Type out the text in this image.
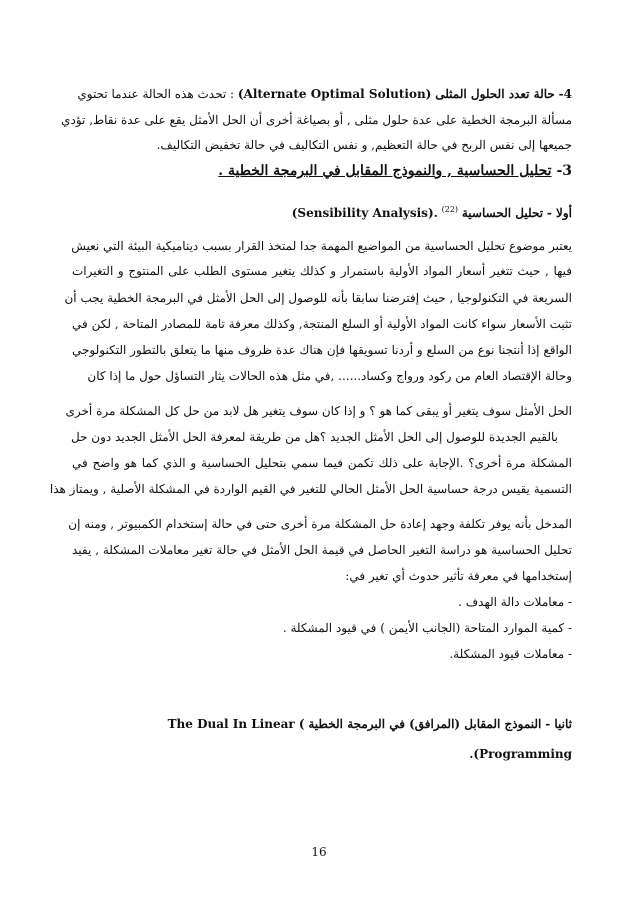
4- حالة تعدد الحلول المثلى (Alternate Optimal Solution) : تحدث هذه الحالة عندما تحتوي
مسألة البرمجة الخطية على عدة حلول مثلى , أو بصياغة أخرى أن الحل الأمثل يقع على عدة نقاط, تؤدي
جميعها إلى نفس الربح في حالة التعظيم, و نفس التكاليف في حالة تخفيض التكاليف.
3- تحليل الحساسية , والنموذج المقابل في البرمجة الخطية .
أولا - تحليل الحساسية $^{(22)}$ (Sensibility Analysis).
يعتبر موضوع تحليل الحساسية من المواضيع المهمة جدا لمتخذ القرار بسبب ديناميكية البيئة التي نعيش
فيها , حيث تتغير أسعار المواد الأولية باستمرار و كذلك يتغير مستوى الطلب على المنتوج و التغيرات
السريعة في التكنولوجيا , حيث إفترضنا سابقا بأنه للوصول إلى الحل الأمثل في البرمجة الخطية يجب أن
تثبت الأسعار سواء كانت المواد الأولية أو السلع المنتجة, وكذلك معرفة تامة للمصادر المتاحة , لكن في
الواقع إذا أنتجنا نوع من السلع و أردنا تسويقها فإن هناك عدة ظروف منها ما يتعلق بالتطور التكنولوجي
وحالة الإقتصاد العام من ركود ورواج وكساد...... ,في مثل هذه الحالات يثار التساؤل حول ما إذا كان
الحل الأمثل سوف يتغير أو يبقى كما هو ؟ و إذا كان سوف يتغير هل لابد من حل كل المشكلة مرة أخرى
بالقيم الجديدة للوصول إلى الحل الأمثل الجديد ؟هل من طريقة لمعرفة الحل الأمثل الجديد دون حل
المشكلة مرة أخرى؟ .الإجابة على ذلك تكمن فيما سمي بتحليل الحساسية و الذي كما هو واضح في
التسمية يقيس درجة حساسية الحل الأمثل الحالي للتغير في القيم الواردة في المشكلة الأصلية , ويمتاز هذا
المدخل بأنه يوفر تكلفة وجهد إعادة حل المشكلة مرة أخرى حتى في حالة إستخدام الكمبيوتر , ومنه إن
تحليل الحساسية هو دراسة التغير الحاصل في قيمة الحل الأمثل في حالة تغير معاملات المشكلة , يفيد
إستخدامها في معرفة تأثير حدوث أي تغير في:
- معاملات دالة الهدف .
- كمية الموارد المتاحة (الجانب الأيمن ) في قيود المشكلة .
- معاملات قيود المشكلة.
ثانيا - النموذج المقابل (المرافق) في البرمجة الخطية The Dual In Linear (
.(Programming
16
